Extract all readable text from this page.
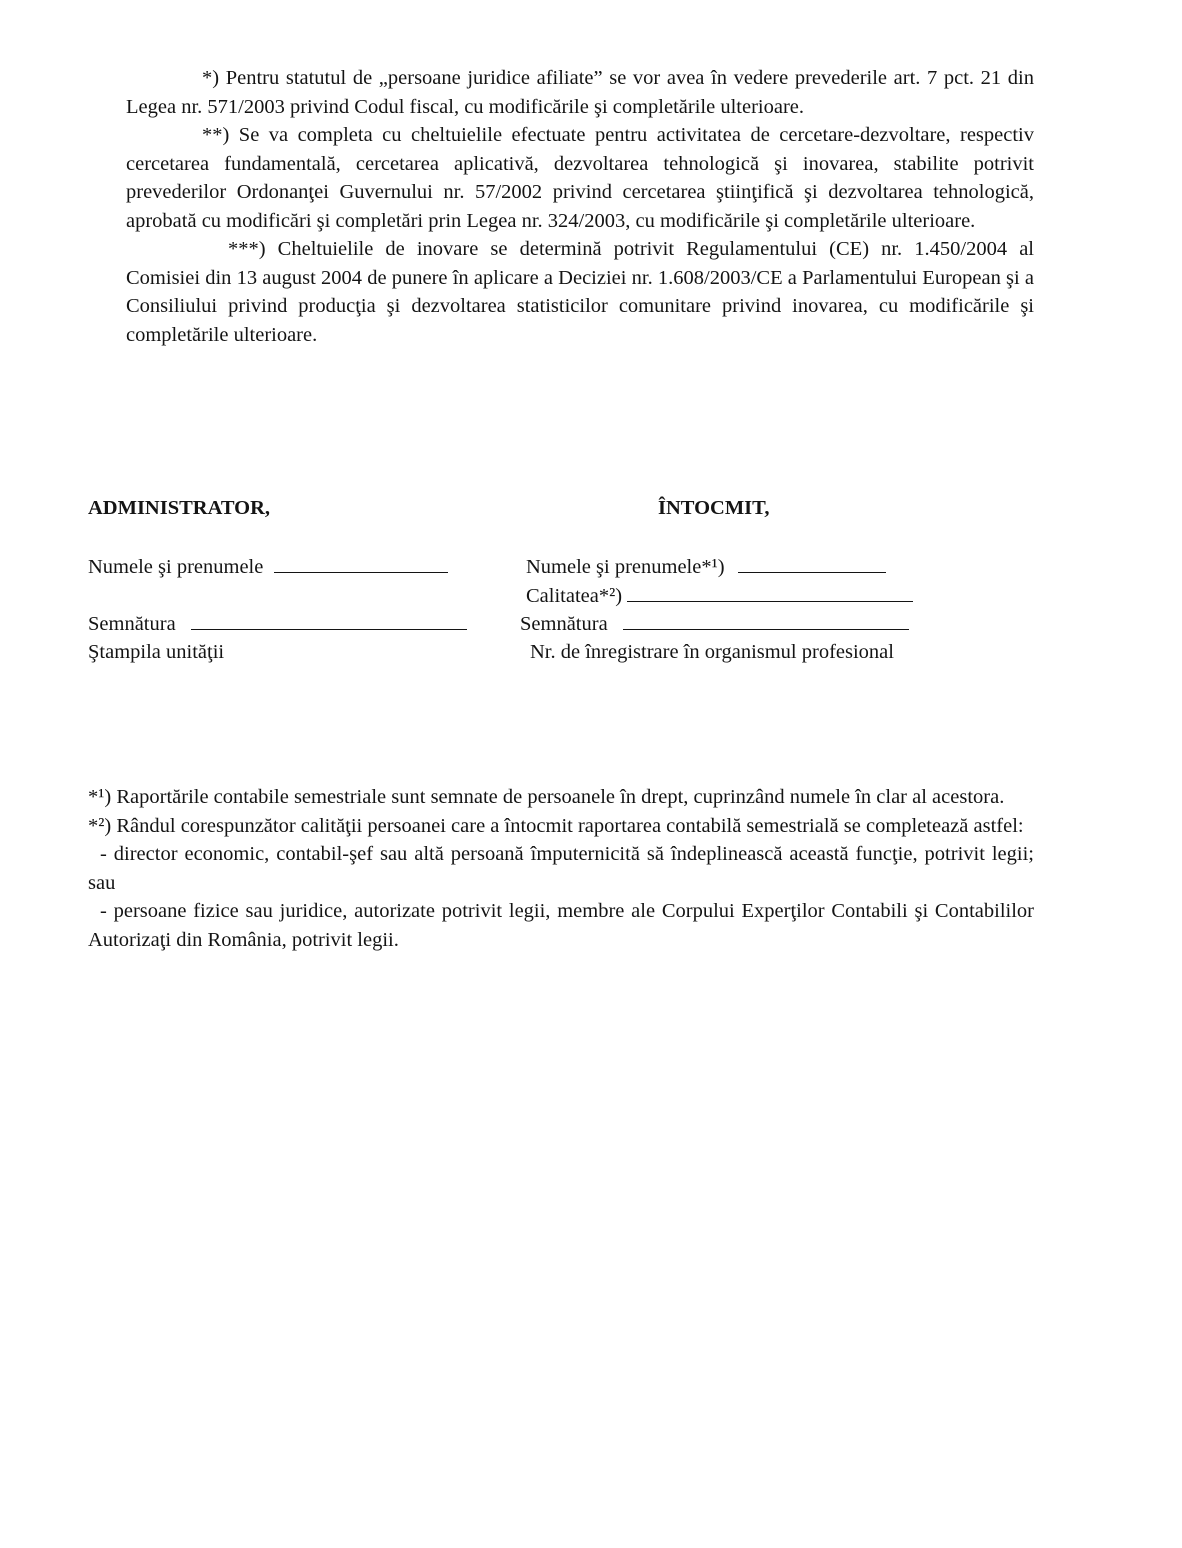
*) Pentru statutul de „persoane juridice afiliate” se vor avea în vedere prevederile art. 7 pct. 21 din Legea nr. 571/2003 privind Codul fiscal, cu modificările şi completările ulterioare.

**) Se va completa cu cheltuielile efectuate pentru activitatea de cercetare-dezvoltare, respectiv cercetarea fundamentală, cercetarea aplicativă, dezvoltarea tehnologică şi inovarea, stabilite potrivit prevederilor Ordonanţei Guvernului nr. 57/2002 privind cercetarea ştiinţifică şi dezvoltarea tehnologică, aprobată cu modificări şi completări prin Legea nr. 324/2003, cu modificările şi completările ulterioare.

***) Cheltuielile de inovare se determină potrivit Regulamentului (CE) nr. 1.450/2004 al Comisiei din 13 august 2004 de punere în aplicare a Deciziei nr. 1.608/2003/CE a Parlamentului European şi a Consiliului privind producţia şi dezvoltarea statisticilor comunitare privind inovarea, cu modificările şi completările ulterioare.

ADMINISTRATOR,	ÎNTOCMIT,

Numele şi prenumele
Semnătura
Ştampila unităţii
Numele şi prenumele*¹)
Calitatea*²)
Semnătura
Nr. de înregistrare în organismul profesional

*¹) Raportările contabile semestriale sunt semnate de persoanele în drept, cuprinzând numele în clar al acestora.

*²) Rândul corespunzător calităţii persoanei care a întocmit raportarea contabilă semestrială se completează astfel:

- director economic, contabil-şef sau altă persoană împuternicită să îndeplinească această funcţie, potrivit legii; sau

- persoane fizice sau juridice, autorizate potrivit legii, membre ale Corpului Experţilor Contabili şi Contabililor Autorizaţi din România, potrivit legii.
